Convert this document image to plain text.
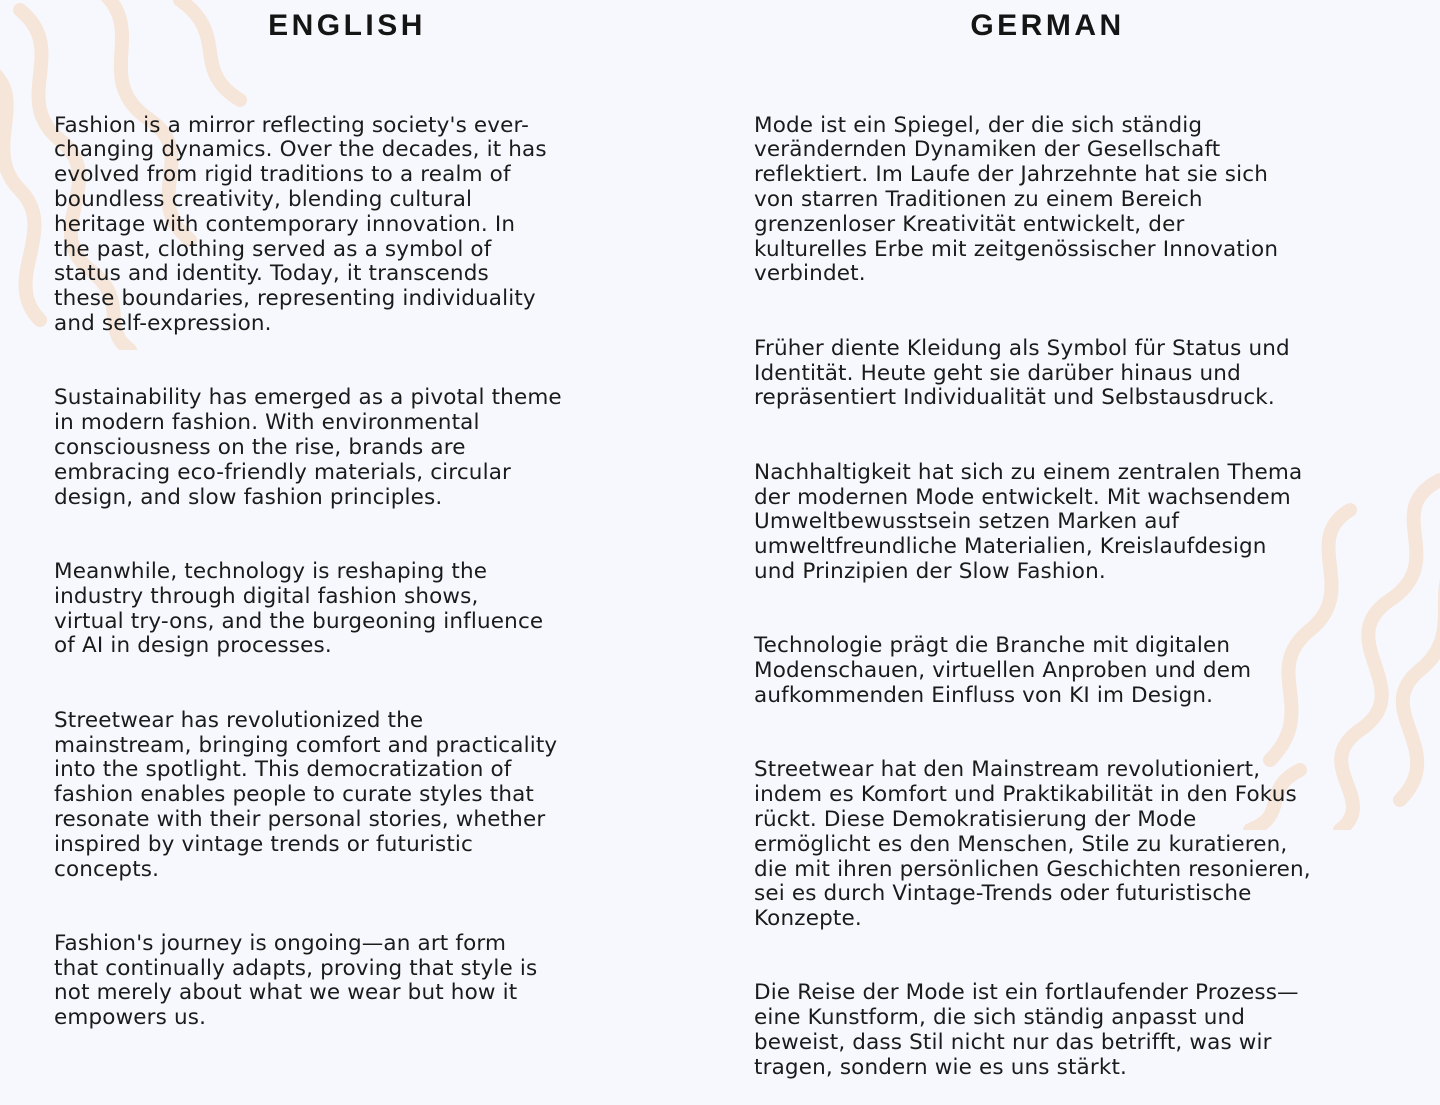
ENGLISH	GERMAN

Fashion is a mirror reflecting society's ever-
changing dynamics. Over the decades, it has
evolved from rigid traditions to a realm of
boundless creativity, blending cultural
heritage with contemporary innovation. In
the past, clothing served as a symbol of
status and identity. Today, it transcends
these boundaries, representing individuality
and self-expression.

Sustainability has emerged as a pivotal theme
in modern fashion. With environmental
consciousness on the rise, brands are
embracing eco-friendly materials, circular
design, and slow fashion principles.

Meanwhile, technology is reshaping the
industry through digital fashion shows,
virtual try-ons, and the burgeoning influence
of AI in design processes.

Streetwear has revolutionized the
mainstream, bringing comfort and practicality
into the spotlight. This democratization of
fashion enables people to curate styles that
resonate with their personal stories, whether
inspired by vintage trends or futuristic
concepts.

Fashion's journey is ongoing—an art form
that continually adapts, proving that style is
not merely about what we wear but how it
empowers us.

Mode ist ein Spiegel, der die sich ständig
verändernden Dynamiken der Gesellschaft
reflektiert. Im Laufe der Jahrzehnte hat sie sich
von starren Traditionen zu einem Bereich
grenzenloser Kreativität entwickelt, der
kulturelles Erbe mit zeitgenössischer Innovation
verbindet.

Früher diente Kleidung als Symbol für Status und
Identität. Heute geht sie darüber hinaus und
repräsentiert Individualität und Selbstausdruck.

Nachhaltigkeit hat sich zu einem zentralen Thema
der modernen Mode entwickelt. Mit wachsendem
Umweltbewusstsein setzen Marken auf
umweltfreundliche Materialien, Kreislaufdesign
und Prinzipien der Slow Fashion.

Technologie prägt die Branche mit digitalen
Modenschauen, virtuellen Anproben und dem
aufkommenden Einfluss von KI im Design.

Streetwear hat den Mainstream revolutioniert,
indem es Komfort und Praktikabilität in den Fokus
rückt. Diese Demokratisierung der Mode
ermöglicht es den Menschen, Stile zu kuratieren,
die mit ihren persönlichen Geschichten resonieren,
sei es durch Vintage-Trends oder futuristische
Konzepte.

Die Reise der Mode ist ein fortlaufender Prozess—
eine Kunstform, die sich ständig anpasst und
beweist, dass Stil nicht nur das betrifft, was wir
tragen, sondern wie es uns stärkt.
